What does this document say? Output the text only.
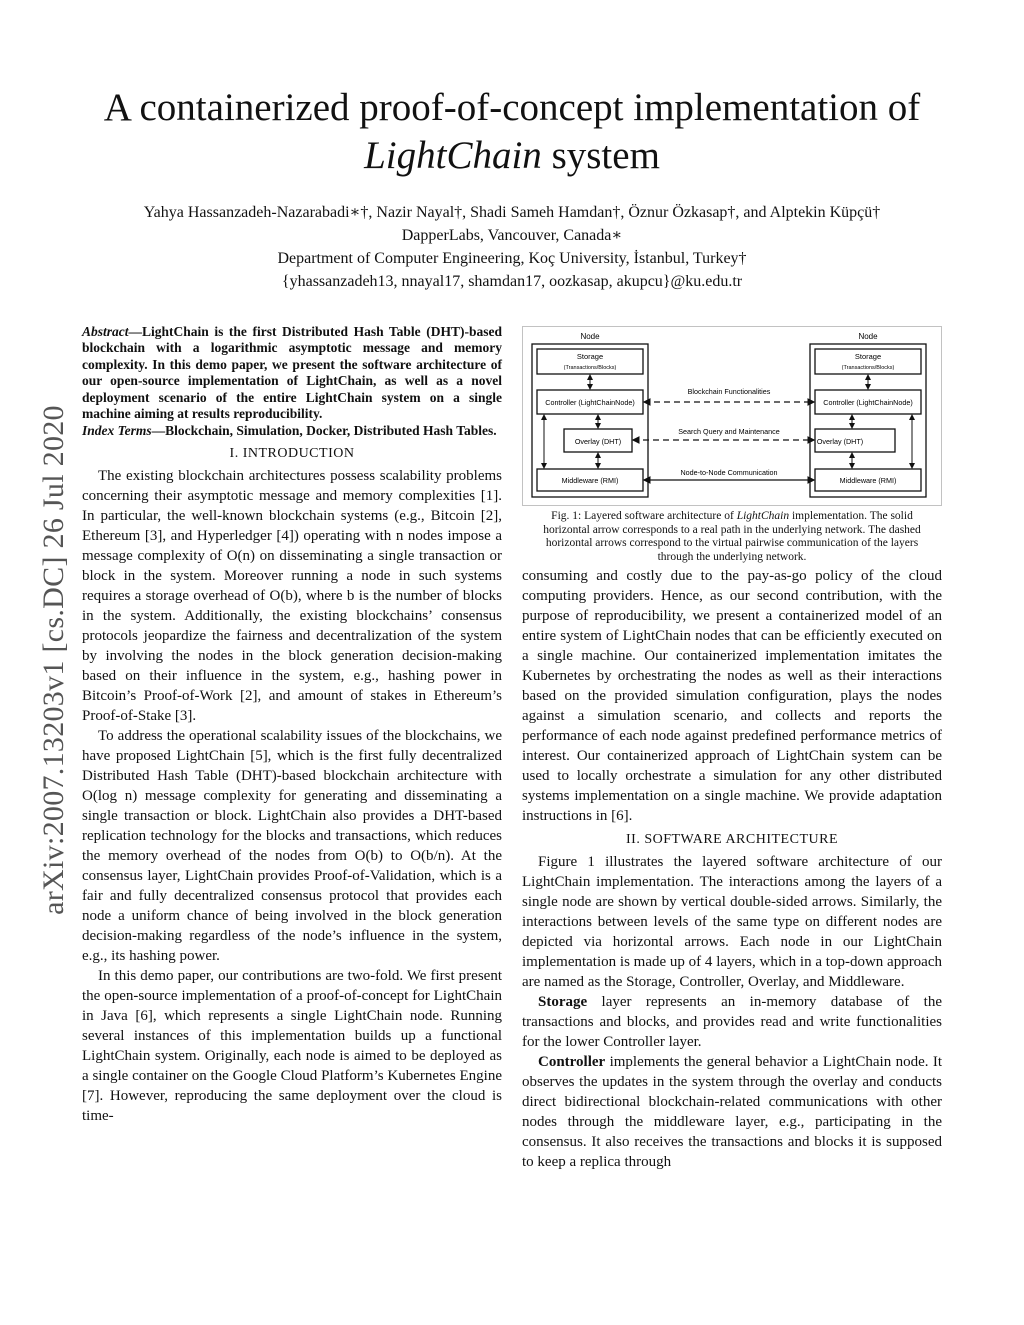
arXiv:2007.13203v1 [cs.DC] 26 Jul 2020
A containerized proof-of-concept implementation of
LightChain system
Yahya Hassanzadeh-Nazarabadi∗†, Nazir Nayal†, Shadi Sameh Hamdan†, Öznur Özkasap†, and Alptekin Küpçü†
DapperLabs, Vancouver, Canada∗
Department of Computer Engineering, Koç University, İstanbul, Turkey†
{yhassanzadeh13, nnayal17, shamdan17, oozkasap, akupcu}@ku.edu.tr
Node	Node
Storage
(Transactions/Blocks)
Storage
(Transactions/Blocks)
Controller (LightChainNode)	Controller (LightChainNode)
Overlay (DHT)	Overlay (DHT)
Middleware (RMI)	Middleware (RMI)
Blockchain Functionalities
Search Query and Maintenance
Node-to-Node Communication
Fig. 1: Layered software architecture of LightChain implementation. The solid horizontal arrow corresponds to a real path in the underlying network. The dashed horizontal arrows correspond to the virtual pairwise communication of the layers through the underlying network.
Abstract—LightChain is the first Distributed Hash Table (DHT)-based blockchain with a logarithmic asymptotic message and memory complexity. In this demo paper, we present the software architecture of our open-source implementation of LightChain, as well as a novel deployment scenario of the entire LightChain system on a single machine aiming at results reproducibility.
Index Terms—Blockchain, Simulation, Docker, Distributed Hash Tables.
I. INTRODUCTION

The existing blockchain architectures possess scalability problems concerning their asymptotic message and memory complexities [1]. In particular, the well-known blockchain systems (e.g., Bitcoin [2], Ethereum [3], and Hyperledger [4]) operating with n nodes impose a message complexity of O(n) on disseminating a single transaction or block in the system. Moreover running a node in such systems requires a storage overhead of O(b), where b is the number of blocks in the system. Additionally, the existing blockchains’ consensus protocols jeopardize the fairness and decentralization of the system by involving the nodes in the block generation decision-making based on their influence in the system, e.g., hashing power in Bitcoin’s Proof-of-Work [2], and amount of stakes in Ethereum’s Proof-of-Stake [3].

To address the operational scalability issues of the blockchains, we have proposed LightChain [5], which is the first fully decentralized Distributed Hash Table (DHT)-based blockchain architecture with O(log n) message complexity for generating and disseminating a single transaction or block. LightChain also provides a DHT-based replication technology for the blocks and transactions, which reduces the memory overhead of the nodes from O(b) to O(b/n). At the consensus layer, LightChain provides Proof-of-Validation, which is a fair and fully decentralized consensus protocol that provides each node a uniform chance of being involved in the block generation decision-making regardless of the node’s influence in the system, e.g., its hashing power.

In this demo paper, our contributions are two-fold. We first present the open-source implementation of a proof-of-concept for LightChain in Java [6], which represents a single LightChain node. Running several instances of this implementation builds up a functional LightChain system. Originally, each node is aimed to be deployed as a single container on the Google Cloud Platform’s Kubernetes Engine [7]. However, reproducing the same deployment over the cloud is time-

consuming and costly due to the pay-as-go policy of the cloud computing providers. Hence, as our second contribution, with the purpose of reproducibility, we present a containerized model of an entire system of LightChain nodes that can be efficiently executed on a single machine. Our containerized implementation imitates the Kubernetes by orchestrating the nodes as well as their interactions based on the provided simulation configuration, plays the nodes against a simulation scenario, and collects and reports the performance of each node against predefined performance metrics of interest. Our containerized approach of LightChain system can be used to locally orchestrate a simulation for any other distributed systems implementation on a single machine. We provide adaptation instructions in [6].

II. SOFTWARE ARCHITECTURE

Figure 1 illustrates the layered software architecture of our LightChain implementation. The interactions among the layers of a single node are shown by vertical double-sided arrows. Similarly, the interactions between levels of the same type on different nodes are depicted via horizontal arrows. Each node in our LightChain implementation is made up of 4 layers, which in a top-down approach are named as the Storage, Controller, Overlay, and Middleware.

Storage layer represents an in-memory database of the transactions and blocks, and provides read and write functionalities for the lower Controller layer.

Controller implements the general behavior a LightChain node. It observes the updates in the system through the overlay and conducts direct bidirectional blockchain-related communications with other nodes through the middleware layer, e.g., participating in the consensus. It also receives the transactions and blocks it is supposed to keep a replica through
